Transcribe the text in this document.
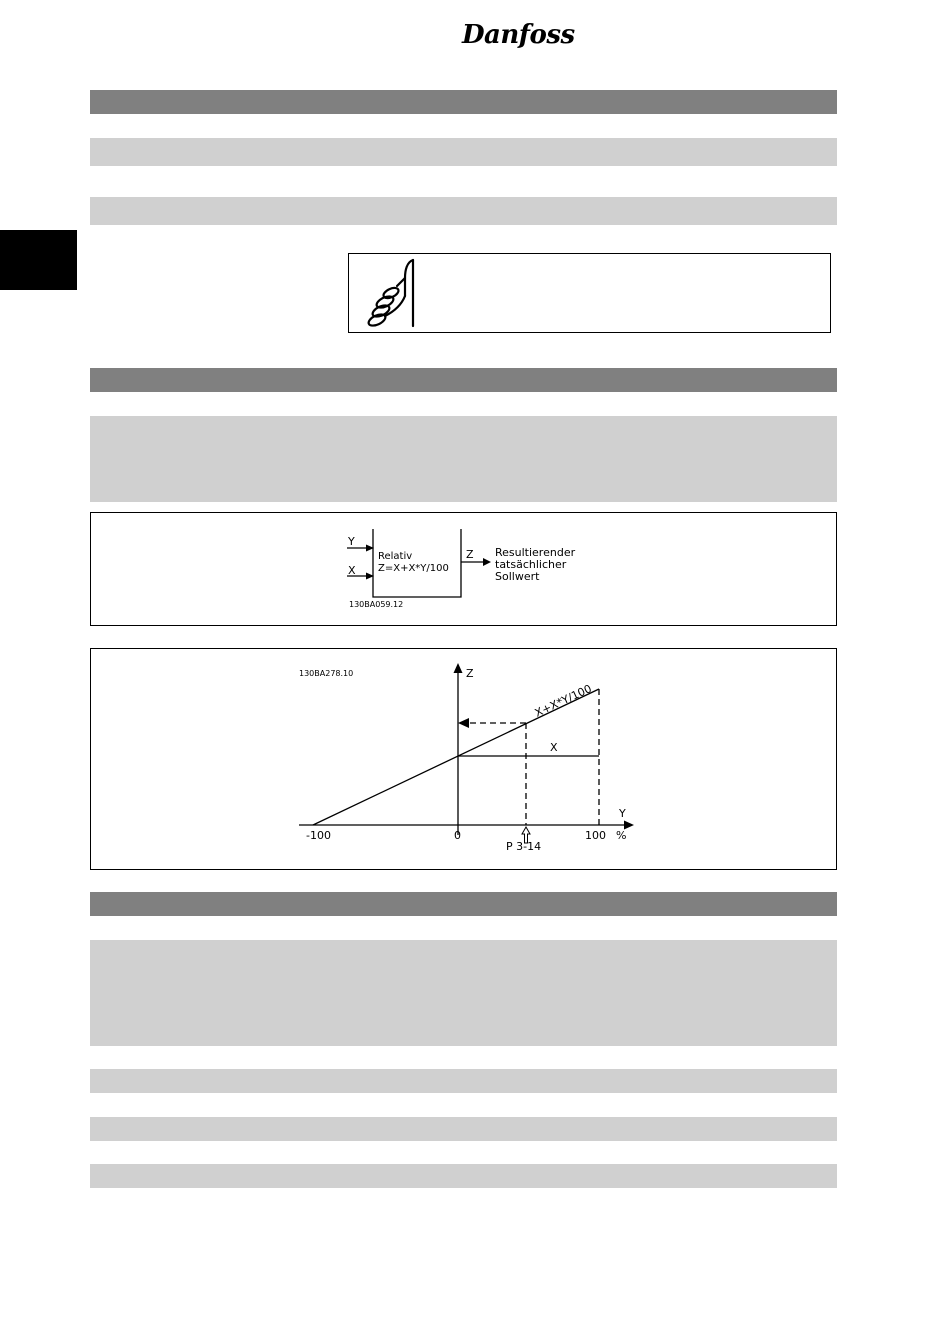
Danfoss
Y
X
Relativ
Z=X+X*Y/100
Z Resultierender
tatsächlicher
Sollwert
130BA059.12
130BA278.10	Z
Y
X+X*Y/100
X
-100	0	100 %
P 3-14
